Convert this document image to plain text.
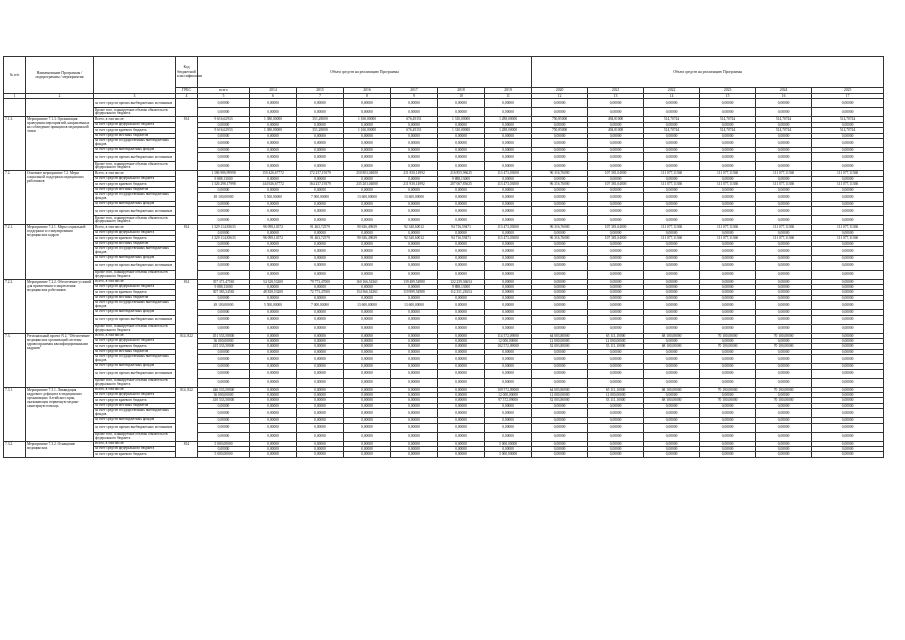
№ п/п	Наименование Программы / подпрограммы / мероприятия		Код бюджетной классификации	Объем средств на реализацию Программы							Объем средств на реализацию Программы					
			ГРБС	всего	2014	2015	2016	2017	2018	2019	2020	2021	2022	2023	2024	2025
1	2	3	4	5	6	7	8	9	10	11	12	13	14	15	16	17
		за счет средств прочих внебюджетных источников		0,00000	0,00000	0,00000	0,00000	0,00000	0,00000	0,00000	0,00000	0,00000	0,00000	0,00000	0,00000	0,00000
		Кроме того, планируемые объемы обязательств федерального бюджета		0,00000	0,00000	0,00000	0,00000	0,00000	0,00000	0,00000	0,00000	0,00000	0,00000	0,00000	0,00000	0,00000
7.1.3.	Мероприятие 7.1.3. Организация проведения мероприятий, направленных на соблюдение принципов медицинской этики	Всего, в том числе:	814	9 616,62933	1 380,00000	351,28000	1 160,00000	676,49151	1 310,00000	1 288,00000	750,85000	494,81000	514,70744	514,70744	514,70744	514,70744
		за счет средств федерального бюджета		0,00000	0,00000	0,00000	0,00000	0,00000	0,00000	0,00000	0,00000	0,00000	0,00000	0,00000	0,00000	0,00000
		за счет средств краевого бюджета		9 616,62933	1 380,00000	351,28000	1 160,00000	676,49151	1 310,00000	1 288,00000	750,85000	494,81000	514,70744	514,70744	514,70744	514,70744
		за счет средств местных бюджетов		0,00000	0,00000	0,00000	0,00000	0,00000	0,00000	0,00000	0,00000	0,00000	0,00000	0,00000	0,00000	0,00000
		за счет средств государственных внебюджетных фондов		0,00000	0,00000	0,00000	0,00000	0,00000	0,00000	0,00000	0,00000	0,00000	0,00000	0,00000	0,00000	0,00000
		за счет средств внебюджетных фондов		0,00000	0,00000	0,00000	0,00000	0,00000	0,00000	0,00000	0,00000	0,00000	0,00000	0,00000	0,00000	0,00000
		за счет средств прочих внебюджетных источников		0,00000	0,00000	0,00000	0,00000	0,00000	0,00000	0,00000	0,00000	0,00000	0,00000	0,00000	0,00000	0,00000
		Кроме того, планируемые объемы обязательств федерального бюджета		0,00000	0,00000	0,00000	0,00000	0,00000	0,00000	0,00000	0,00000	0,00000	0,00000	0,00000	0,00000	0,00000
7.2.	Основное мероприятие 7.2. Меры социальной поддержки медицинских работников	Всего, в том числе:		1 386 986,99998	150 426,67772	172 237,19379	250 803,04000	231 830,14992	216 855,96625	113 473,03000	96 316,76000	107 381,04000	111 077,11360	111 077,11360	111 077,11360	111 077,11360
		за счет средств федерального бюджета		9 888,13000	0,00000	0,00000	0,00000	0,00000	9 888,13000	0,00000	0,00000	0,00000	0,00000	0,00000	0,00000	0,00000
		за счет средств краевого бюджета		1 326 298,17998	144 926,67772	164 237,19379	235 203,04000	211 930,14992	207 067,83625	113 473,03000	96 316,76000	107 381,04000	111 077,11360	111 077,11360	111 077,11360	111 077,11360
		за счет средств местных бюджетов		0,00000	0,00000	0,00000	0,00000	0,00000	0,00000	0,00000	0,00000	0,00000	0,00000	0,00000	0,00000	0,00000
		за счет средств государственных внебюджетных фондов		49 100,00000	5 500,00000	7 000,00000	13 600,00000	13 600,00000	0,00000	0,00000	0,00000	0,00000	0,00000	0,00000	0,00000	0,00000
		за счет средств внебюджетных фондов		0,00000	0,00000	0,00000	0,00000	0,00000	0,00000	0,00000	0,00000	0,00000	0,00000	0,00000	0,00000	0,00000
		за счет средств прочих внебюджетных источников		0,00000	0,00000	0,00000	0,00000	0,00000	0,00000	0,00000	0,00000	0,00000	0,00000	0,00000	0,00000	0,00000
		Кроме того, планируемые объемы обязательств федерального бюджета		0,00000	0,00000	0,00000	0,00000	0,00000	0,00000	0,00000	0,00000	0,00000	0,00000	0,00000	0,00000	0,00000
7.2.1.	Мероприятие 7.2.1. Меры социальной поддержки и стимулирования медицинских кадров	Всего, в том числе:	814	1 329 114,83633	96 098,14572	91 463,72579	90 636,49639	92 340,60012	94 716,59471	113 473,03000	96 316,76000	107 381,04000	111 077,11360	111 077,11360	111 077,11360	111 077,11360
		за счет средств федерального бюджета		0,00000	0,00000	0,00000	0,00000	0,00000	0,00000	0,00000	0,00000	0,00000	0,00000	0,00000	0,00000	0,00000
		за счет средств краевого бюджета		1 329 114,83633	96 098,14572	91 463,72579	90 636,49639	92 340,60012	94 716,59471	113 473,03000	96 316,76000	107 381,04000	111 077,11360	111 077,11360	111 077,11360	111 077,11360
		за счет средств местных бюджетов		0,00000	0,00000	0,00000	0,00000	0,00000	0,00000	0,00000	0,00000	0,00000	0,00000	0,00000	0,00000	0,00000
		за счет средств государственных внебюджетных фондов		0,00000	0,00000	0,00000	0,00000	0,00000	0,00000	0,00000	0,00000	0,00000	0,00000	0,00000	0,00000	0,00000
		за счет средств внебюджетных фондов		0,00000	0,00000	0,00000	0,00000	0,00000	0,00000	0,00000	0,00000	0,00000	0,00000	0,00000	0,00000	0,00000
		за счет средств прочих внебюджетных источников		0,00000	0,00000	0,00000	0,00000	0,00000	0,00000	0,00000	0,00000	0,00000	0,00000	0,00000	0,00000	0,00000
		Кроме того, планируемые объемы обязательств федерального бюджета		0,00000	0,00000	0,00000	0,00000	0,00000	0,00000	0,00000	0,00000	0,00000	0,00000	0,00000	0,00000	0,00000
7.2.2.	Мероприятие 7.2.2. Обеспечение условий для привлечения и закрепления медицинских работников	Всего, в том числе:	814	357 371,47565	54 328,53200	79 773,47000	160 166,54361	139 489,54980	122 239,36654	0,00000	0,00000	0,00000	0,00000	0,00000	0,00000	0,00000
		за счет средств федерального бюджета		9 888,13000	0,00000	0,00000	0,00000	0,00000	9 888,13000	0,00000	0,00000	0,00000	0,00000	0,00000	0,00000	0,00000
		за счет средств краевого бюджета		307 383,34565	48 828,53200	72 773,47000	154 566,54361	119 889,54980	112 351,23654	0,00000	0,00000	0,00000	0,00000	0,00000	0,00000	0,00000
		за счет средств местных бюджетов		0,00000	0,00000	0,00000	0,00000	0,00000	0,00000	0,00000	0,00000	0,00000	0,00000	0,00000	0,00000	0,00000
		за счет средств государственных внебюджетных фондов		49 100,00000	5 500,00000	7 000,00000	13 600,00000	13 600,00000	0,00000	0,00000	0,00000	0,00000	0,00000	0,00000	0,00000	0,00000
		за счет средств внебюджетных фондов		0,00000	0,00000	0,00000	0,00000	0,00000	0,00000	0,00000	0,00000	0,00000	0,00000	0,00000	0,00000	0,00000
		за счет средств прочих внебюджетных источников		0,00000	0,00000	0,00000	0,00000	0,00000	0,00000	0,00000	0,00000	0,00000	0,00000	0,00000	0,00000	0,00000
		Кроме того, планируемые объемы обязательств федерального бюджета		0,00000	0,00000	0,00000	0,00000	0,00000	0,00000	0,00000	0,00000	0,00000	0,00000	0,00000	0,00000	0,00000
7.3.	Региональный проект N 2. "Обеспечение медицинских организаций системы здравоохранения квалифицированными кадрами"	Всего, в том числе:	814, 822	451 533,58000	0,00000	0,00000	0,00000	0,00000	0,00000	114 572,09000	64 003,80000	65 111,10000	68 100,00000	70 100,00000	70 100,00000	0,00000
		за счет средств федерального бюджета		36 000,00000	0,00000	0,00000	0,00000	0,00000	0,00000	12 000,00000	12 000,00000	12 000,00000	0,00000	0,00000	0,00000	0,00000
		за счет средств краевого бюджета		415 533,58000	0,00000	0,00000	0,00000	0,00000	0,00000	102 572,09000	52 003,80000	53 111,10000	68 100,00000	70 100,00000	70 100,00000	0,00000
		за счет средств местных бюджетов		0,00000	0,00000	0,00000	0,00000	0,00000	0,00000	0,00000	0,00000	0,00000	0,00000	0,00000	0,00000	0,00000
		за счет средств государственных внебюджетных фондов		0,00000	0,00000	0,00000	0,00000	0,00000	0,00000	0,00000	0,00000	0,00000	0,00000	0,00000	0,00000	0,00000
		за счет средств внебюджетных фондов		0,00000	0,00000	0,00000	0,00000	0,00000	0,00000	0,00000	0,00000	0,00000	0,00000	0,00000	0,00000	0,00000
		за счет средств прочих внебюджетных источников		0,00000	0,00000	0,00000	0,00000	0,00000	0,00000	0,00000	0,00000	0,00000	0,00000	0,00000	0,00000	0,00000
		Кроме того, планируемые объемы обязательств федерального бюджета		0,00000	0,00000	0,00000	0,00000	0,00000	0,00000	0,00000	0,00000	0,00000	0,00000	0,00000	0,00000	0,00000
7.3.1.	Мероприятие 7.3.1. Ликвидация кадрового дефицита в медицинских организациях Алтайского края, оказывающих первичную медико-санитарную помощь	Всего, в том числе:	814, 822	446 533,58000	0,00000	0,00000	0,00000	0,00000	0,00000	109 572,09000	64 003,80000	65 111,10000	68 100,00000	70 100,00000	70 100,00000	0,00000
		за счет средств федерального бюджета		36 000,00000	0,00000	0,00000	0,00000	0,00000	0,00000	12 000,00000	12 000,00000	12 000,00000	0,00000	0,00000	0,00000	0,00000
		за счет средств краевого бюджета		410 533,58000	0,00000	0,00000	0,00000	0,00000	0,00000	97 572,09000	52 003,80000	53 111,10000	68 100,00000	70 100,00000	70 100,00000	0,00000
		за счет средств местных бюджетов		0,00000	0,00000	0,00000	0,00000	0,00000	0,00000	0,00000	0,00000	0,00000	0,00000	0,00000	0,00000	0,00000
		за счет средств государственных внебюджетных фондов		0,00000	0,00000	0,00000	0,00000	0,00000	0,00000	0,00000	0,00000	0,00000	0,00000	0,00000	0,00000	0,00000
		за счет средств внебюджетных фондов		0,00000	0,00000	0,00000	0,00000	0,00000	0,00000	0,00000	0,00000	0,00000	0,00000	0,00000	0,00000	0,00000
		за счет средств прочих внебюджетных источников		0,00000	0,00000	0,00000	0,00000	0,00000	0,00000	0,00000	0,00000	0,00000	0,00000	0,00000	0,00000	0,00000
		Кроме того, планируемые объемы обязательств федерального бюджета		0,00000	0,00000	0,00000	0,00000	0,00000	0,00000	0,00000	0,00000	0,00000	0,00000	0,00000	0,00000	0,00000
7.3.2.	Мероприятие 7.3.2. Оснащение медицинских	Всего, в том числе:	814	5 000,00000	0,00000	0,00000	0,00000	0,00000	0,00000	5 000,00000	0,00000	0,00000	0,00000	0,00000	0,00000	0,00000
		за счет средств федерального бюджета		0,00000	0,00000	0,00000	0,00000	0,00000	0,00000	0,00000	0,00000	0,00000	0,00000	0,00000	0,00000	0,00000
		за счет средств краевого бюджета		5 000,00000	0,00000	0,00000	0,00000	0,00000	0,00000	5 000,00000	0,00000	0,00000	0,00000	0,00000	0,00000	0,00000
